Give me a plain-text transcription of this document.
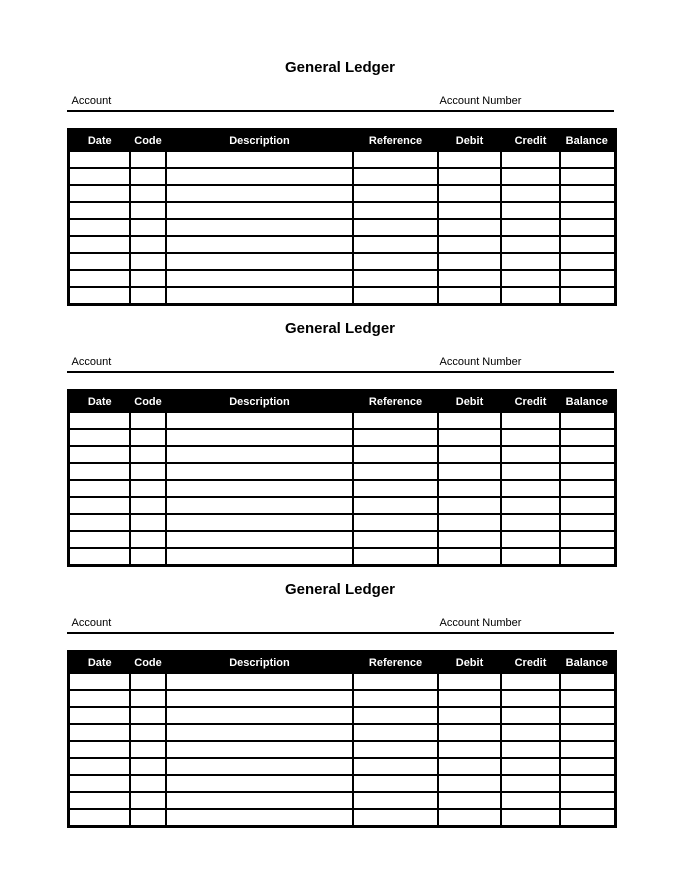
General Ledger
Account	Account Number
Date	Code	Description	Reference	Debit	Credit	Balance

General Ledger
Account	Account Number
Date	Code	Description	Reference	Debit	Credit	Balance

General Ledger
Account	Account Number
Date	Code	Description	Reference	Debit	Credit	Balance
